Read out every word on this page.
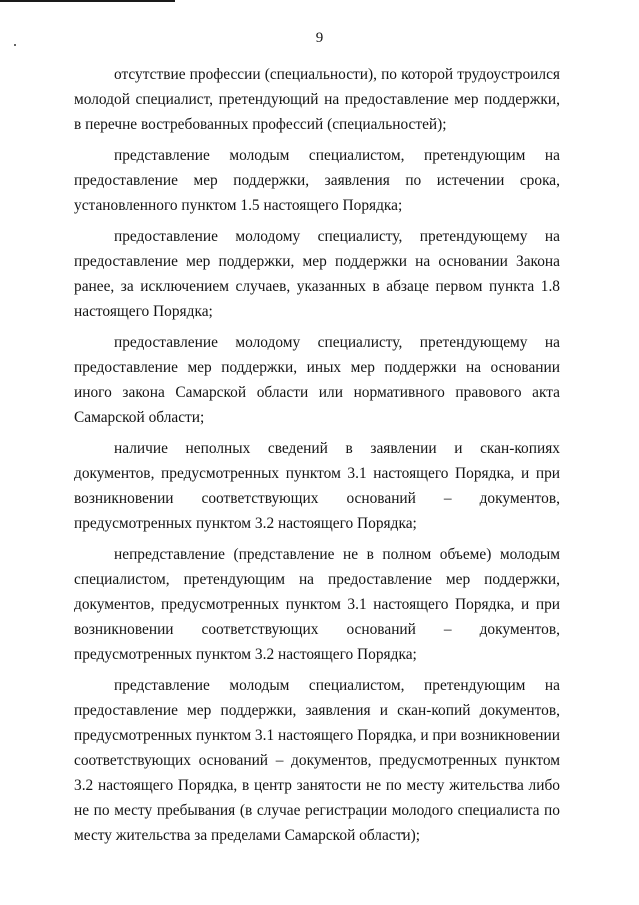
9

отсутствие профессии (специальности), по которой трудоустроился молодой специалист, претендующий на предоставление мер поддержки, в перечне востребованных профессий (специальностей);

представление молодым специалистом, претендующим на предоставление мер поддержки, заявления по истечении срока, установленного пунктом 1.5 настоящего Порядка;

предоставление молодому специалисту, претендующему на предоставление мер поддержки, мер поддержки на основании Закона ранее, за исключением случаев, указанных в абзаце первом пункта 1.8 настоящего Порядка;

предоставление молодому специалисту, претендующему на предоставление мер поддержки, иных мер поддержки на основании иного закона Самарской области или нормативного правового акта Самарской области;

наличие неполных сведений в заявлении и скан-копиях документов, предусмотренных пунктом 3.1 настоящего Порядка, и при возникновении соответствующих оснований – документов, предусмотренных пунктом 3.2 настоящего Порядка;

непредставление (представление не в полном объеме) молодым специалистом, претендующим на предоставление мер поддержки, документов, предусмотренных пунктом 3.1 настоящего Порядка, и при возникновении соответствующих оснований – документов, предусмотренных пунктом 3.2 настоящего Порядка;

представление молодым специалистом, претендующим на предоставление мер поддержки, заявления и скан-копий документов, предусмотренных пунктом 3.1 настоящего Порядка, и при возникновении соответствующих оснований – документов, предусмотренных пунктом 3.2 настоящего Порядка, в центр занятости не по месту жительства либо не по месту пребывания (в случае регистрации молодого специалиста по месту жительства за пределами Самарской области);
